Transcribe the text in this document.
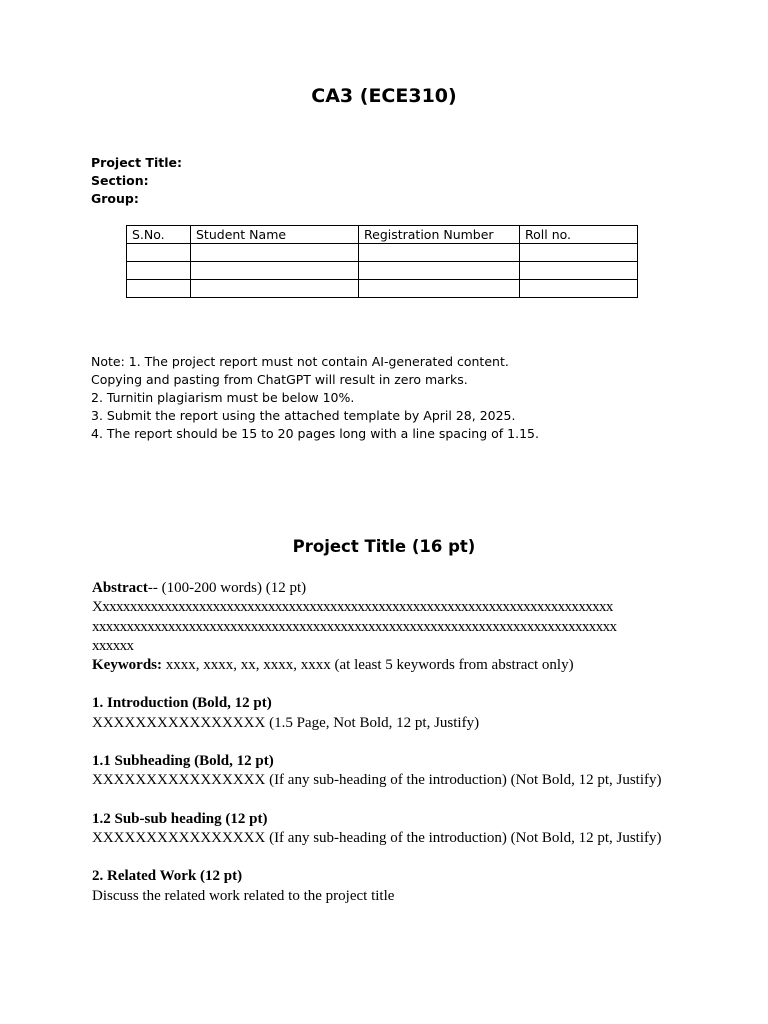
CA3 (ECE310)
Project Title:
Section:
Group:
S.No.	Student Name	Registration Number	Roll no.

Note: 1. The project report must not contain AI-generated content.
Copying and pasting from ChatGPT will result in zero marks.
2. Turnitin plagiarism must be below 10%.
3. Submit the report using the attached template by April 28, 2025.
4. The report should be 15 to 20 pages long with a line spacing of 1.15.
Project Title (16 pt)
Abstract-- (100-200 words) (12 pt)
Xxxxxxxxxxxxxxxxxxxxxxxxxxxxxxxxxxxxxxxxxxxxxxxxxxxxxxxxxxxxxxxxxxxxxxxxxxx
xxxxxxxxxxxxxxxxxxxxxxxxxxxxxxxxxxxxxxxxxxxxxxxxxxxxxxxxxxxxxxxxxxxxxxxxxxxx
xxxxxx
Keywords: xxxx, xxxx, xx, xxxx, xxxx (at least 5 keywords from abstract only)
1. Introduction (Bold, 12 pt)
XXXXXXXXXXXXXXXX (1.5 Page, Not Bold, 12 pt, Justify)
1.1 Subheading (Bold, 12 pt)
XXXXXXXXXXXXXXXX (If any sub-heading of the introduction) (Not Bold, 12 pt, Justify)
1.2 Sub-sub heading (12 pt)
XXXXXXXXXXXXXXXX (If any sub-heading of the introduction) (Not Bold, 12 pt, Justify)
2. Related Work (12 pt)
Discuss the related work related to the project title
